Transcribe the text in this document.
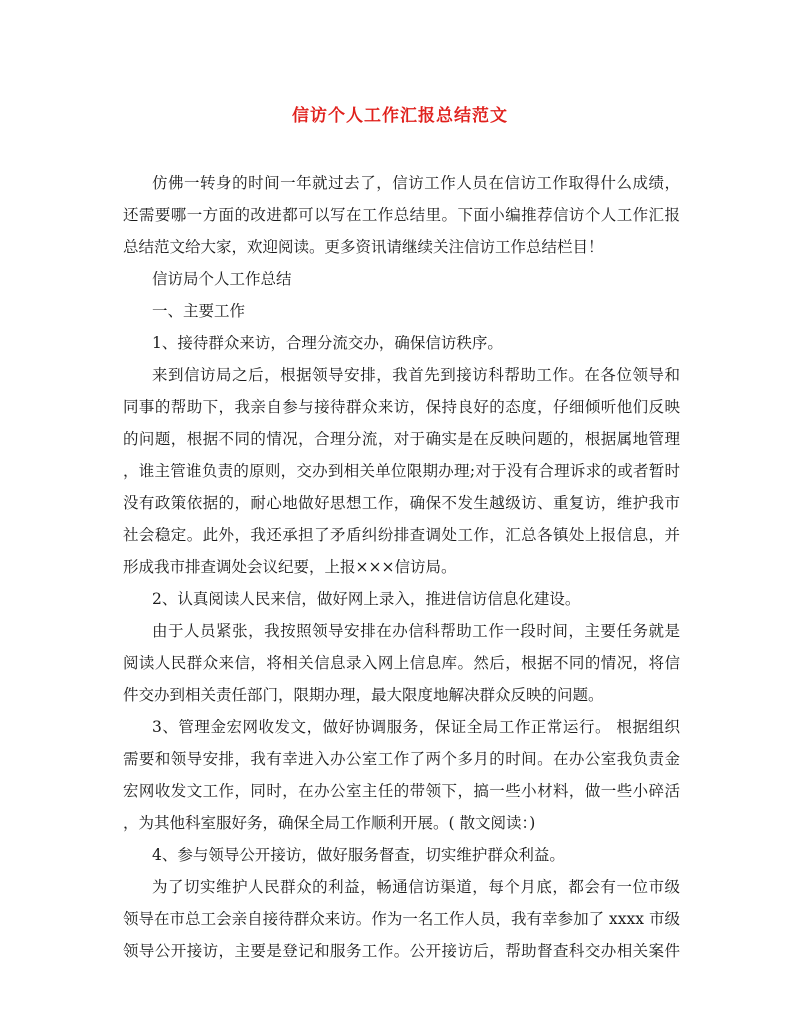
信访个人工作汇报总结范文
仿佛一转身的时间一年就过去了，信访工作人员在信访工作取得什么成绩，
还需要哪一方面的改进都可以写在工作总结里。下面小编推荐信访个人工作汇报
总结范文给大家，欢迎阅读。更多资讯请继续关注信访工作总结栏目！
信访局个人工作总结
一、主要工作
1、接待群众来访，合理分流交办，确保信访秩序。
来到信访局之后，根据领导安排，我首先到接访科帮助工作。在各位领导和
同事的帮助下，我亲自参与接待群众来访，保持良好的态度，仔细倾听他们反映
的问题，根据不同的情况，合理分流，对于确实是在反映问题的，根据属地管理
，谁主管谁负责的原则，交办到相关单位限期办理;对于没有合理诉求的或者暂时
没有政策依据的，耐心地做好思想工作，确保不发生越级访、重复访，维护我市
社会稳定。此外，我还承担了矛盾纠纷排查调处工作，汇总各镇处上报信息，并
形成我市排查调处会议纪要，上报×××信访局。
2、认真阅读人民来信，做好网上录入，推进信访信息化建设。
由于人员紧张，我按照领导安排在办信科帮助工作一段时间，主要任务就是
阅读人民群众来信，将相关信息录入网上信息库。然后，根据不同的情况，将信
件交办到相关责任部门，限期办理，最大限度地解决群众反映的问题。
3、管理金宏网收发文，做好协调服务，保证全局工作正常运行。 根据组织
需要和领导安排，我有幸进入办公室工作了两个多月的时间。在办公室我负责金
宏网收发文工作，同时，在办公室主任的带领下，搞一些小材料，做一些小碎活
，为其他科室服好务，确保全局工作顺利开展。( 散文阅读：)
4、参与领导公开接访，做好服务督查，切实维护群众利益。
为了切实维护人民群众的利益，畅通信访渠道，每个月底，都会有一位市级
领导在市总工会亲自接待群众来访。作为一名工作人员，我有幸参加了 xxxx 市级
领导公开接访，主要是登记和服务工作。公开接访后，帮助督查科交办相关案件
